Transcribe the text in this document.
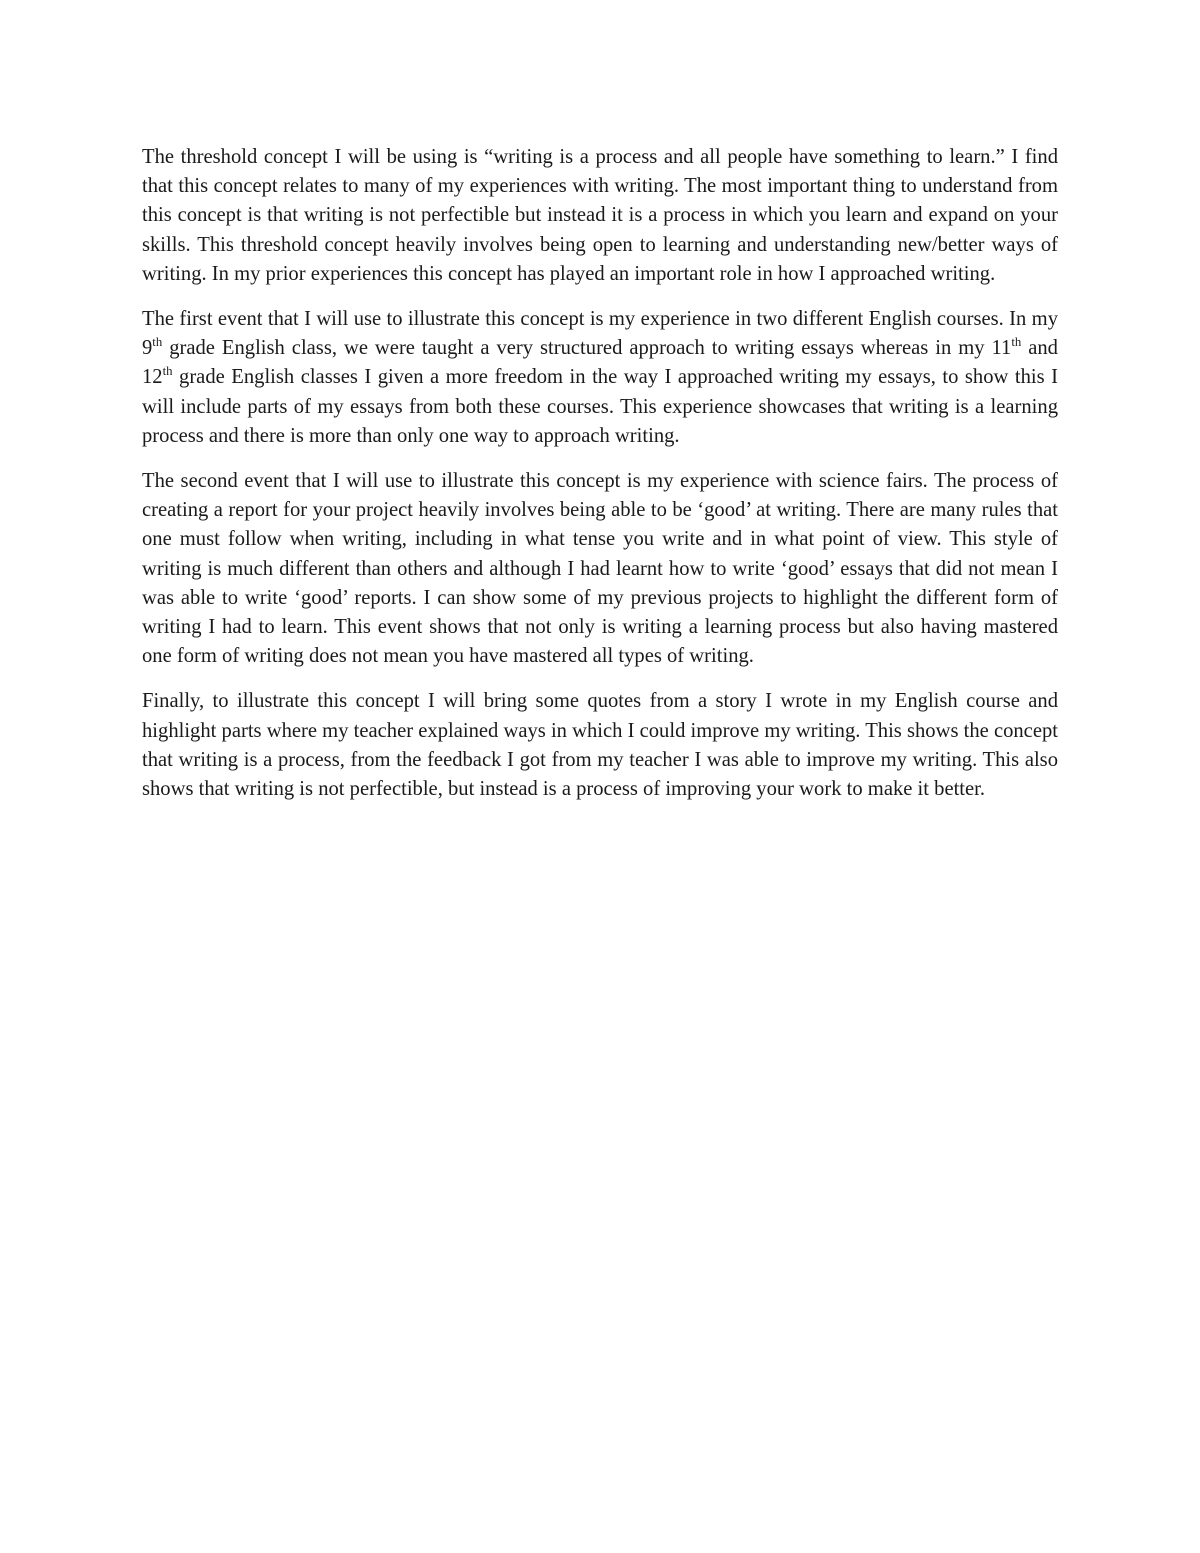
The threshold concept I will be using is “writing is a process and all people have something to learn.” I find that this concept relates to many of my experiences with writing. The most important thing to understand from this concept is that writing is not perfectible but instead it is a process in which you learn and expand on your skills. This threshold concept heavily involves being open to learning and understanding new/better ways of writing. In my prior experiences this concept has played an important role in how I approached writing.

The first event that I will use to illustrate this concept is my experience in two different English courses. In my 9th grade English class, we were taught a very structured approach to writing essays whereas in my 11th and 12th grade English classes I given a more freedom in the way I approached writing my essays, to show this I will include parts of my essays from both these courses. This experience showcases that writing is a learning process and there is more than only one way to approach writing.

The second event that I will use to illustrate this concept is my experience with science fairs. The process of creating a report for your project heavily involves being able to be ‘good’ at writing. There are many rules that one must follow when writing, including in what tense you write and in what point of view. This style of writing is much different than others and although I had learnt how to write ‘good’ essays that did not mean I was able to write ‘good’ reports. I can show some of my previous projects to highlight the different form of writing I had to learn. This event shows that not only is writing a learning process but also having mastered one form of writing does not mean you have mastered all types of writing.

Finally, to illustrate this concept I will bring some quotes from a story I wrote in my English course and highlight parts where my teacher explained ways in which I could improve my writing. This shows the concept that writing is a process, from the feedback I got from my teacher I was able to improve my writing. This also shows that writing is not perfectible, but instead is a process of improving your work to make it better.
